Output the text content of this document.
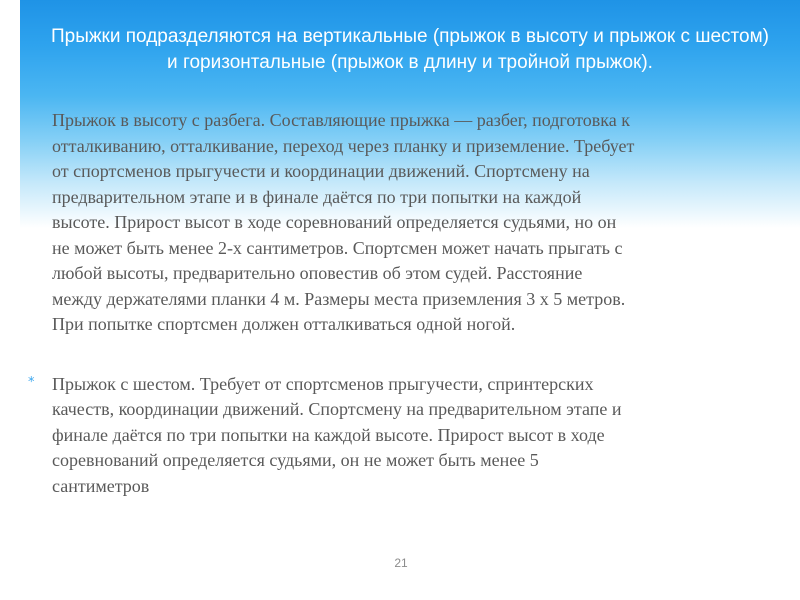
Прыжки подразделяются на вертикальные (прыжок в высоту и прыжок с шестом)
и горизонтальные (прыжок в длину и тройной прыжок).

Прыжок в высоту с разбега. Составляющие прыжка — разбег, подготовка к
отталкиванию, отталкивание, переход через планку и приземление. Требует
от спортсменов прыгучести и координации движений. Спортсмену на
предварительном этапе и в финале даётся по три попытки на каждой
высоте. Прирост высот в ходе соревнований определяется судьями, но он
не может быть менее 2-х сантиметров. Спортсмен может начать прыгать с
любой высоты, предварительно оповестив об этом судей. Расстояние
между держателями планки 4 м. Размеры места приземления 3 х 5 метров.
При попытке спортсмен должен отталкиваться одной ногой.

* Прыжок с шестом. Требует от спортсменов прыгучести, спринтерских
качеств, координации движений. Спортсмену на предварительном этапе и
финале даётся по три попытки на каждой высоте. Прирост высот в ходе
соревнований определяется судьями, он не может быть менее 5
сантиметров

21
